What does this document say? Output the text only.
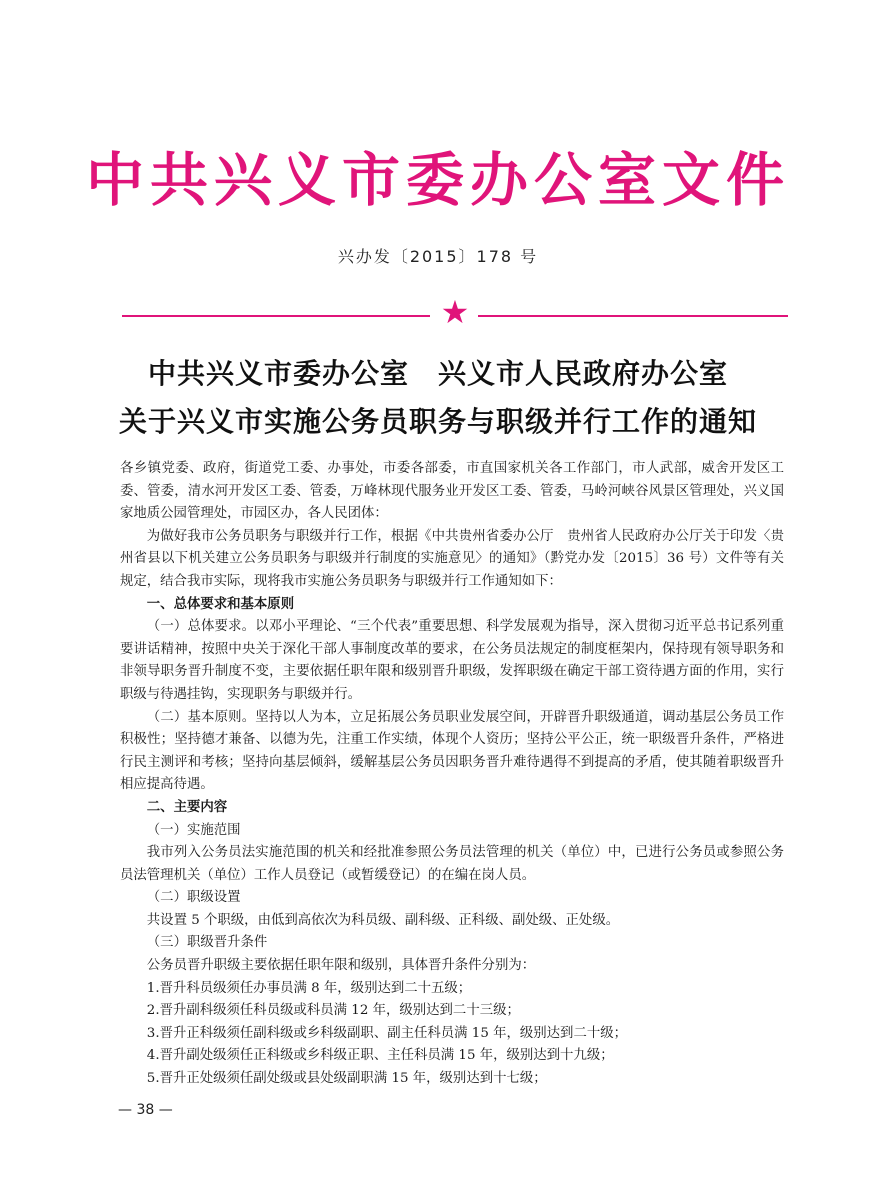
中共兴义市委办公室文件
兴办发〔2015〕178 号
★
中共兴义市委办公室　兴义市人民政府办公室
关于兴义市实施公务员职务与职级并行工作的通知

各乡镇党委、政府，街道党工委、办事处，市委各部委，市直国家机关各工作部门，市人武部，威舍开发区工委、管委，清水河开发区工委、管委，万峰林现代服务业开发区工委、管委，马岭河峡谷风景区管理处，兴义国家地质公园管理处，市园区办，各人民团体：

为做好我市公务员职务与职级并行工作，根据《中共贵州省委办公厅　贵州省人民政府办公厅关于印发〈贵州省县以下机关建立公务员职务与职级并行制度的实施意见〉的通知》（黔党办发〔2015〕36 号）文件等有关规定，结合我市实际，现将我市实施公务员职务与职级并行工作通知如下：

一、总体要求和基本原则

（一）总体要求。以邓小平理论、“三个代表”重要思想、科学发展观为指导，深入贯彻习近平总书记系列重要讲话精神，按照中央关于深化干部人事制度改革的要求，在公务员法规定的制度框架内，保持现有领导职务和非领导职务晋升制度不变，主要依据任职年限和级别晋升职级，发挥职级在确定干部工资待遇方面的作用，实行职级与待遇挂钩，实现职务与职级并行。

（二）基本原则。坚持以人为本，立足拓展公务员职业发展空间，开辟晋升职级通道，调动基层公务员工作积极性；坚持德才兼备、以德为先，注重工作实绩，体现个人资历；坚持公平公正，统一职级晋升条件，严格进行民主测评和考核；坚持向基层倾斜，缓解基层公务员因职务晋升难待遇得不到提高的矛盾，使其随着职级晋升相应提高待遇。

二、主要内容

（一）实施范围

我市列入公务员法实施范围的机关和经批准参照公务员法管理的机关（单位）中，已进行公务员或参照公务员法管理机关（单位）工作人员登记（或暂缓登记）的在编在岗人员。

（二）职级设置

共设置 5 个职级，由低到高依次为科员级、副科级、正科级、副处级、正处级。

（三）职级晋升条件

公务员晋升职级主要依据任职年限和级别，具体晋升条件分别为：

1.晋升科员级须任办事员满 8 年，级别达到二十五级；

2.晋升副科级须任科员级或科员满 12 年，级别达到二十三级；

3.晋升正科级须任副科级或乡科级副职、副主任科员满 15 年，级别达到二十级；

4.晋升副处级须任正科级或乡科级正职、主任科员满 15 年，级别达到十九级；

5.晋升正处级须任副处级或县处级副职满 15 年，级别达到十七级；

— 38 —
